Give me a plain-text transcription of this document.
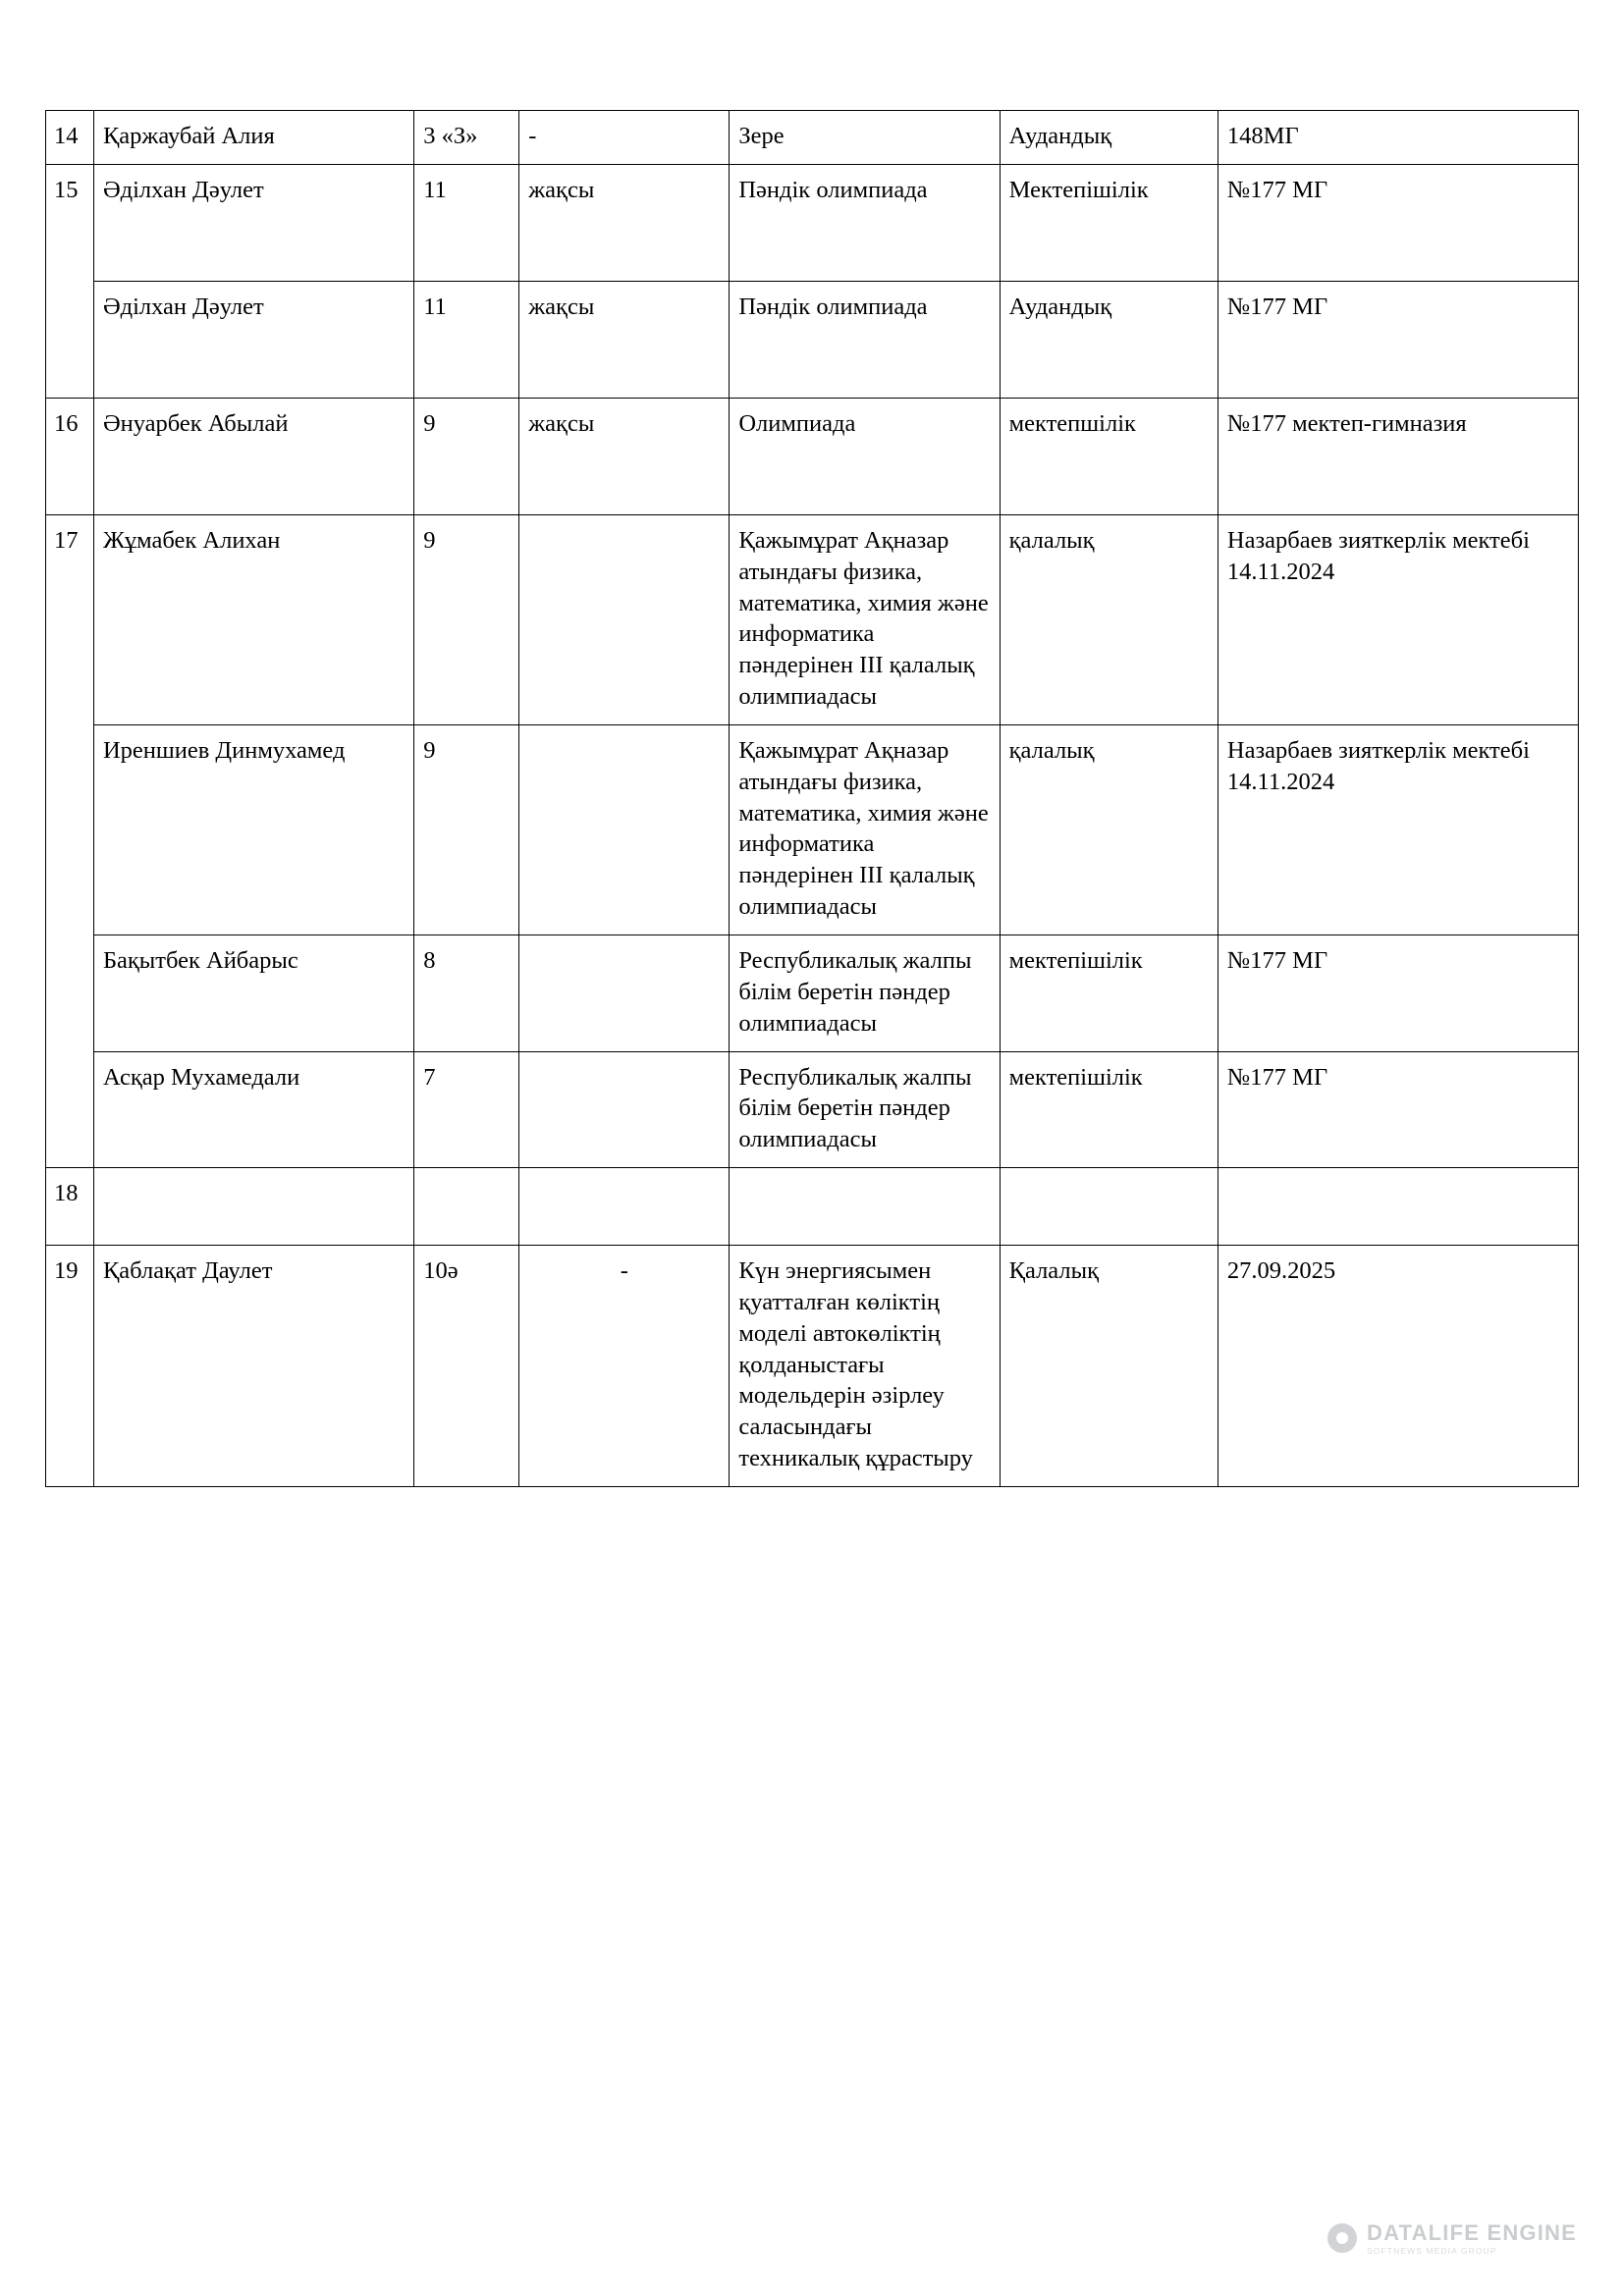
14	Қаржаубай Алия	3 «З»	-	Зере	Аудандық	148МГ
15	Әділхан Дәулет	11	жақсы	Пәндік олимпиада	Мектепішілік	№177 МГ
	Әділхан Дәулет	11	жақсы	Пәндік олимпиада	Аудандық	№177 МГ
16	Әнуарбек Абылай	9	жақсы	Олимпиада	мектепшілік	№177 мектеп-гимназия
17	Жұмабек Алихан	9		Қажымұрат Ақназар атындағы физика, математика, химия және информатика пәндерінен III қалалық олимпиадасы	қалалық	Назарбаев зияткерлік мектебі 14.11.2024
	Иреншиев Динмухамед	9		Қажымұрат Ақназар атындағы физика, математика, химия және информатика пәндерінен III қалалық олимпиадасы	қалалық	Назарбаев зияткерлік мектебі 14.11.2024
	Бақытбек Айбарыс	8		Республикалық жалпы білім беретін пәндер олимпиадасы	мектепішілік	№177 МГ
	Асқар Мухамедали	7		Республикалық жалпы білім беретін пәндер олимпиадасы	мектепішілік	№177 МГ
18						
19	Қаблақат Даулет	10ә	-	Күн энергиясымен қуатталған көліктің моделі автокөліктің қолданыстағы модельдерін әзірлеу саласындағы техникалық құрастыру	Қалалық	27.09.2025
DATALIFE ENGINE
SOFTNEWS MEDIA GROUP
